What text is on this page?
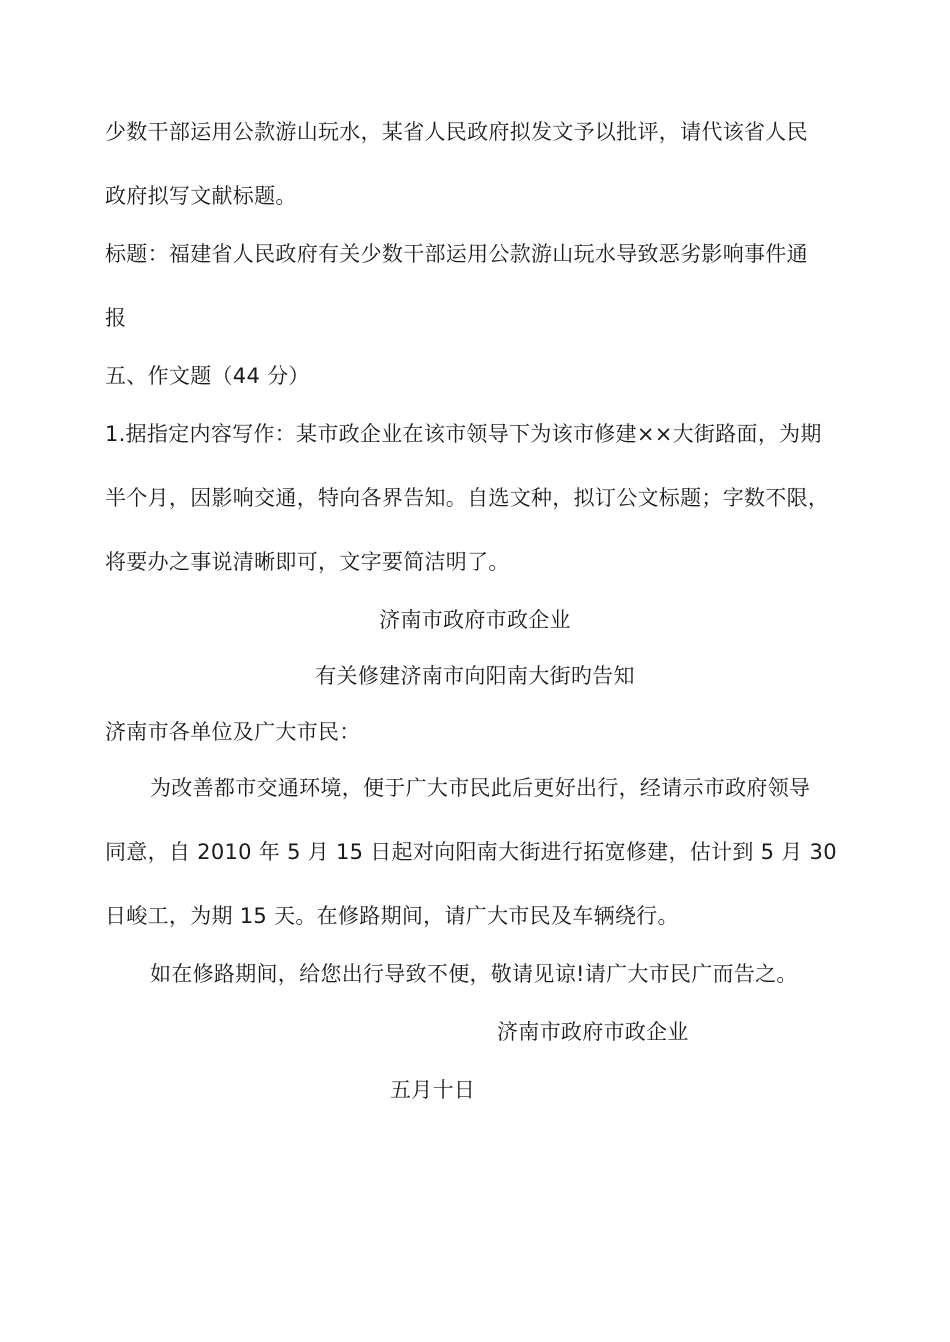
少数干部运用公款游山玩水，某省人民政府拟发文予以批评，请代该省人民
政府拟写文献标题。
标题：福建省人民政府有关少数干部运用公款游山玩水导致恶劣影响事件通
报
五、作文题（44 分）
1.据指定内容写作：某市政企业在该市领导下为该市修建××大街路面，为期
半个月，因影响交通，特向各界告知。自选文种，拟订公文标题；字数不限，
将要办之事说清晰即可，文字要简洁明了。
济南市政府市政企业
有关修建济南市向阳南大街旳告知
济南市各单位及广大市民：
为改善都市交通环境，便于广大市民此后更好出行，经请示市政府领导
同意，自 2010 年 5 月 15 日起对向阳南大街进行拓宽修建，估计到 5 月 30
日峻工，为期 15 天。在修路期间，请广大市民及车辆绕行。
如在修路期间，给您出行导致不便，敬请见谅!请广大市民广而告之。
济南市政府市政企业
五月十日
